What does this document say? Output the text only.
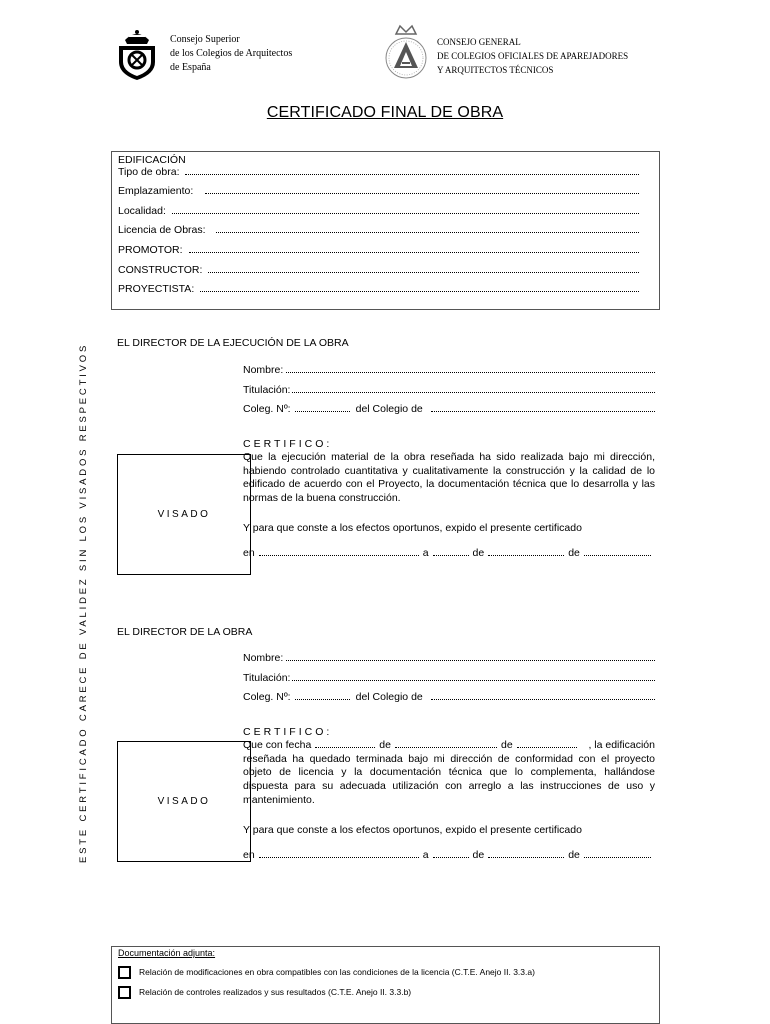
Consejo Superior
de los Colegios de Arquitectos
de España
CONSEJO GENERAL
DE COLEGIOS OFICIALES DE APAREJADORES
Y ARQUITECTOS TÉCNICOS
CERTIFICADO FINAL DE OBRA
EDIFICACIÓN
Tipo de obra:
Emplazamiento:
Localidad:
Licencia de Obras:
PROMOTOR:
CONSTRUCTOR:
PROYECTISTA:
EL DIRECTOR DE LA EJECUCIÓN DE LA OBRA
Nombre:
Titulación:
Coleg. Nº:	del Colegio de
VISADO
CERTIFICO:
Que la ejecución material de la obra reseñada ha sido realizada bajo mi dirección, habiendo controlado cuantitativa y cualitativamente la construcción y la calidad de lo edificado de acuerdo con el Proyecto, la documentación técnica que lo desarrolla y las normas de la buena construcción.
Y para que conste a los efectos oportunos, expido el presente certificado
en	a	de	de
EL DIRECTOR DE LA OBRA
Nombre:
Titulación:
Coleg. Nº:	del Colegio de
VISADO
CERTIFICO:
Que con fecha	de	de	, la edificación
reseñada ha quedado terminada bajo mi dirección de conformidad con el proyecto objeto de licencia y la documentación técnica que lo complementa, hallándose dispuesta para su adecuada utilización con arreglo a las instrucciones de uso y mantenimiento.
Y para que conste a los efectos oportunos, expido el presente certificado
en	a	de	de
ESTE CERTIFICADO CARECE DE VALIDEZ SIN LOS VISADOS RESPECTIVOS
Documentación adjunta:
Relación de modificaciones en obra compatibles con las condiciones de la licencia (C.T.E. Anejo II. 3.3.a)
Relación de controles realizados y sus resultados (C.T.E. Anejo II. 3.3.b)
